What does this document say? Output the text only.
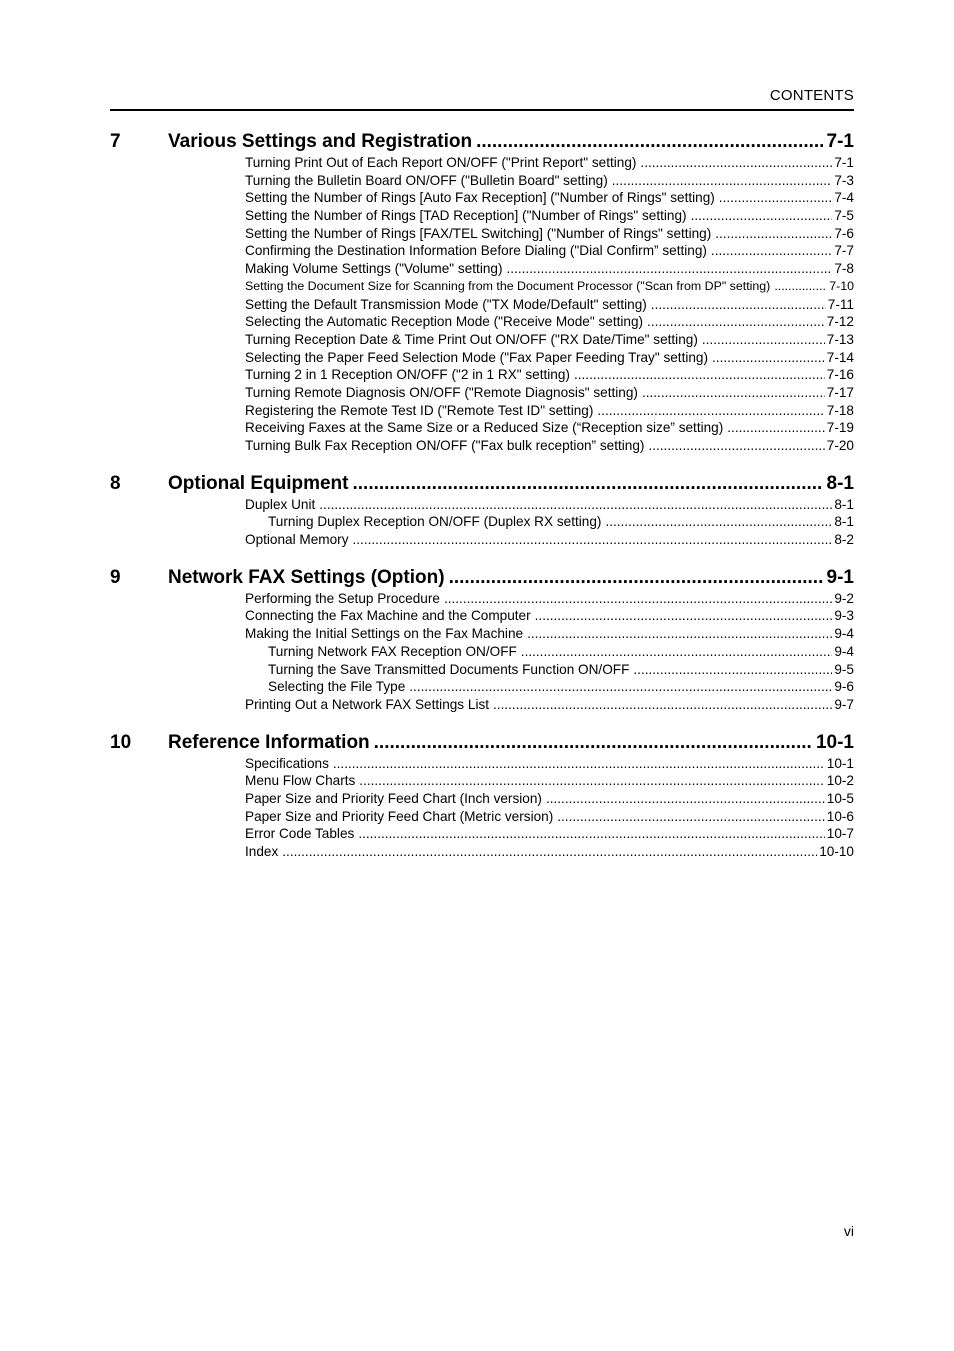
CONTENTS
7	Various Settings and Registration .....	7-1
Turning Print Out of Each Report ON/OFF ("Print Report" setting) .....	7-1
Turning the Bulletin Board ON/OFF ("Bulletin Board" setting) .....	7-3
Setting the Number of Rings [Auto Fax Reception] ("Number of Rings" setting) .....	7-4
Setting the Number of Rings [TAD Reception] ("Number of Rings" setting) .....	7-5
Setting the Number of Rings [FAX/TEL Switching] ("Number of Rings" setting) .....	7-6
Confirming the Destination Information Before Dialing ("Dial Confirm” setting) .....	7-7
Making Volume Settings ("Volume" setting) .....	7-8
Setting the Document Size for Scanning from the Document Processor ("Scan from DP" setting) .....	7-10
Setting the Default Transmission Mode ("TX Mode/Default" setting) .....	7-11
Selecting the Automatic Reception Mode ("Receive Mode" setting) .....	7-12
Turning Reception Date & Time Print Out ON/OFF ("RX Date/Time" setting) .....	7-13
Selecting the Paper Feed Selection Mode ("Fax Paper Feeding Tray" setting) .....	7-14
Turning 2 in 1 Reception ON/OFF ("2 in 1 RX" setting) .....	7-16
Turning Remote Diagnosis ON/OFF ("Remote Diagnosis" setting) .....	7-17
Registering the Remote Test ID ("Remote Test ID" setting) .....	7-18
Receiving Faxes at the Same Size or a Reduced Size (“Reception size” setting) .....	7-19
Turning Bulk Fax Reception ON/OFF ("Fax bulk reception” setting) .....	7-20
8	Optional Equipment .....	8-1
Duplex Unit .....	8-1
Turning Duplex Reception ON/OFF (Duplex RX setting) .....	8-1
Optional Memory .....	8-2
9	Network FAX Settings (Option) .....	9-1
Performing the Setup Procedure .....	9-2
Connecting the Fax Machine and the Computer .....	9-3
Making the Initial Settings on the Fax Machine .....	9-4
Turning Network FAX Reception ON/OFF .....	9-4
Turning the Save Transmitted Documents Function ON/OFF .....	9-5
Selecting the File Type .....	9-6
Printing Out a Network FAX Settings List .....	9-7
10	Reference Information .....	10-1
Specifications .....	10-1
Menu Flow Charts .....	10-2
Paper Size and Priority Feed Chart (Inch version) .....	10-5
Paper Size and Priority Feed Chart (Metric version) .....	10-6
Error Code Tables .....	10-7
Index .....	10-10
vi
